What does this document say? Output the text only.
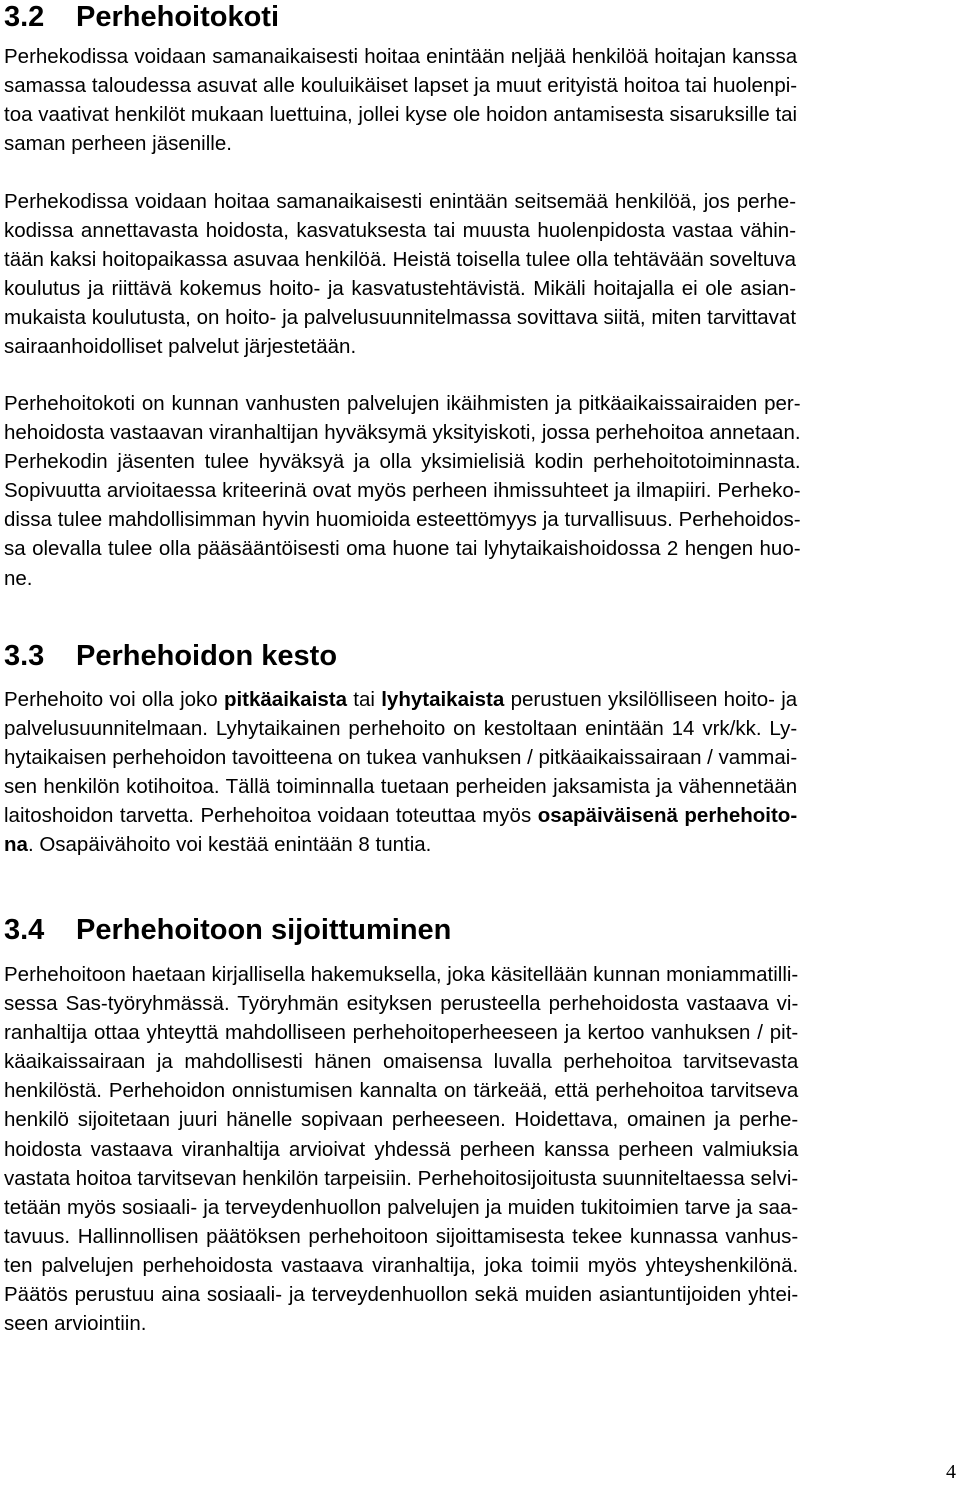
3.2 Perhehoitokoti

Perhekodissa voidaan samanaikaisesti hoitaa enintään neljää henkilöä hoitajan kanssa
samassa taloudessa asuvat alle kouluikäiset lapset ja muut erityistä hoitoa tai huolenpi-
toa vaativat henkilöt mukaan luettuina, jollei kyse ole hoidon antamisesta sisaruksille tai
saman perheen jäsenille.

Perhekodissa voidaan hoitaa samanaikaisesti enintään seitsemää henkilöä, jos perhe-
kodissa annettavasta hoidosta, kasvatuksesta tai muusta huolenpidosta vastaa vähin-
tään kaksi hoitopaikassa asuvaa henkilöä. Heistä toisella tulee olla tehtävään soveltuva
koulutus ja riittävä kokemus hoito- ja kasvatustehtävistä. Mikäli hoitajalla ei ole asian-
mukaista koulutusta, on hoito- ja palvelusuunnitelmassa sovittava siitä, miten tarvittavat
sairaanhoidolliset palvelut järjestetään.

Perhehoitokoti on kunnan vanhusten palvelujen ikäihmisten ja pitkäaikaissairaiden per-
hehoidosta vastaavan viranhaltijan hyväksymä yksityiskoti, jossa perhehoitoa annetaan.
Perhekodin jäsenten tulee hyväksyä ja olla yksimielisiä kodin perhehoitotoiminnasta.
Sopivuutta arvioitaessa kriteerinä ovat myös perheen ihmissuhteet ja ilmapiiri. Perheko-
dissa tulee mahdollisimman hyvin huomioida esteettömyys ja turvallisuus. Perhehoidos-
sa olevalla tulee olla pääsääntöisesti oma huone tai lyhytaikaishoidossa 2 hengen huo-
ne.

3.3 Perhehoidon kesto

Perhehoito voi olla joko pitkäaikaista tai lyhytaikaista perustuen yksilölliseen hoito- ja
palvelusuunnitelmaan. Lyhytaikainen perhehoito on kestoltaan enintään 14 vrk/kk. Ly-
hytaikaisen perhehoidon tavoitteena on tukea vanhuksen / pitkäaikaissairaan / vammai-
sen henkilön kotihoitoa. Tällä toiminnalla tuetaan perheiden jaksamista ja vähennetään
laitoshoidon tarvetta. Perhehoitoa voidaan toteuttaa myös osapäiväisenä perhehoito-
na. Osapäivähoito voi kestää enintään 8 tuntia.

3.4 Perhehoitoon sijoittuminen

Perhehoitoon haetaan kirjallisella hakemuksella, joka käsitellään kunnan moniammatilli-
sessa Sas-työryhmässä. Työryhmän esityksen perusteella perhehoidosta vastaava vi-
ranhaltija ottaa yhteyttä mahdolliseen perhehoitoperheeseen ja kertoo vanhuksen / pit-
käaikaissairaan ja mahdollisesti hänen omaisensa luvalla perhehoitoa tarvitsevasta
henkilöstä. Perhehoidon onnistumisen kannalta on tärkeää, että perhehoitoa tarvitseva
henkilö sijoitetaan juuri hänelle sopivaan perheeseen. Hoidettava, omainen ja perhe-
hoidosta vastaava viranhaltija arvioivat yhdessä perheen kanssa perheen valmiuksia
vastata hoitoa tarvitsevan henkilön tarpeisiin. Perhehoitosijoitusta suunniteltaessa selvi-
tetään myös sosiaali- ja terveydenhuollon palvelujen ja muiden tukitoimien tarve ja saa-
tavuus. Hallinnollisen päätöksen perhehoitoon sijoittamisesta tekee kunnassa vanhus-
ten palvelujen perhehoidosta vastaava viranhaltija, joka toimii myös yhteyshenkilönä.
Päätös perustuu aina sosiaali- ja terveydenhuollon sekä muiden asiantuntijoiden yhtei-
seen arviointiin.

4
